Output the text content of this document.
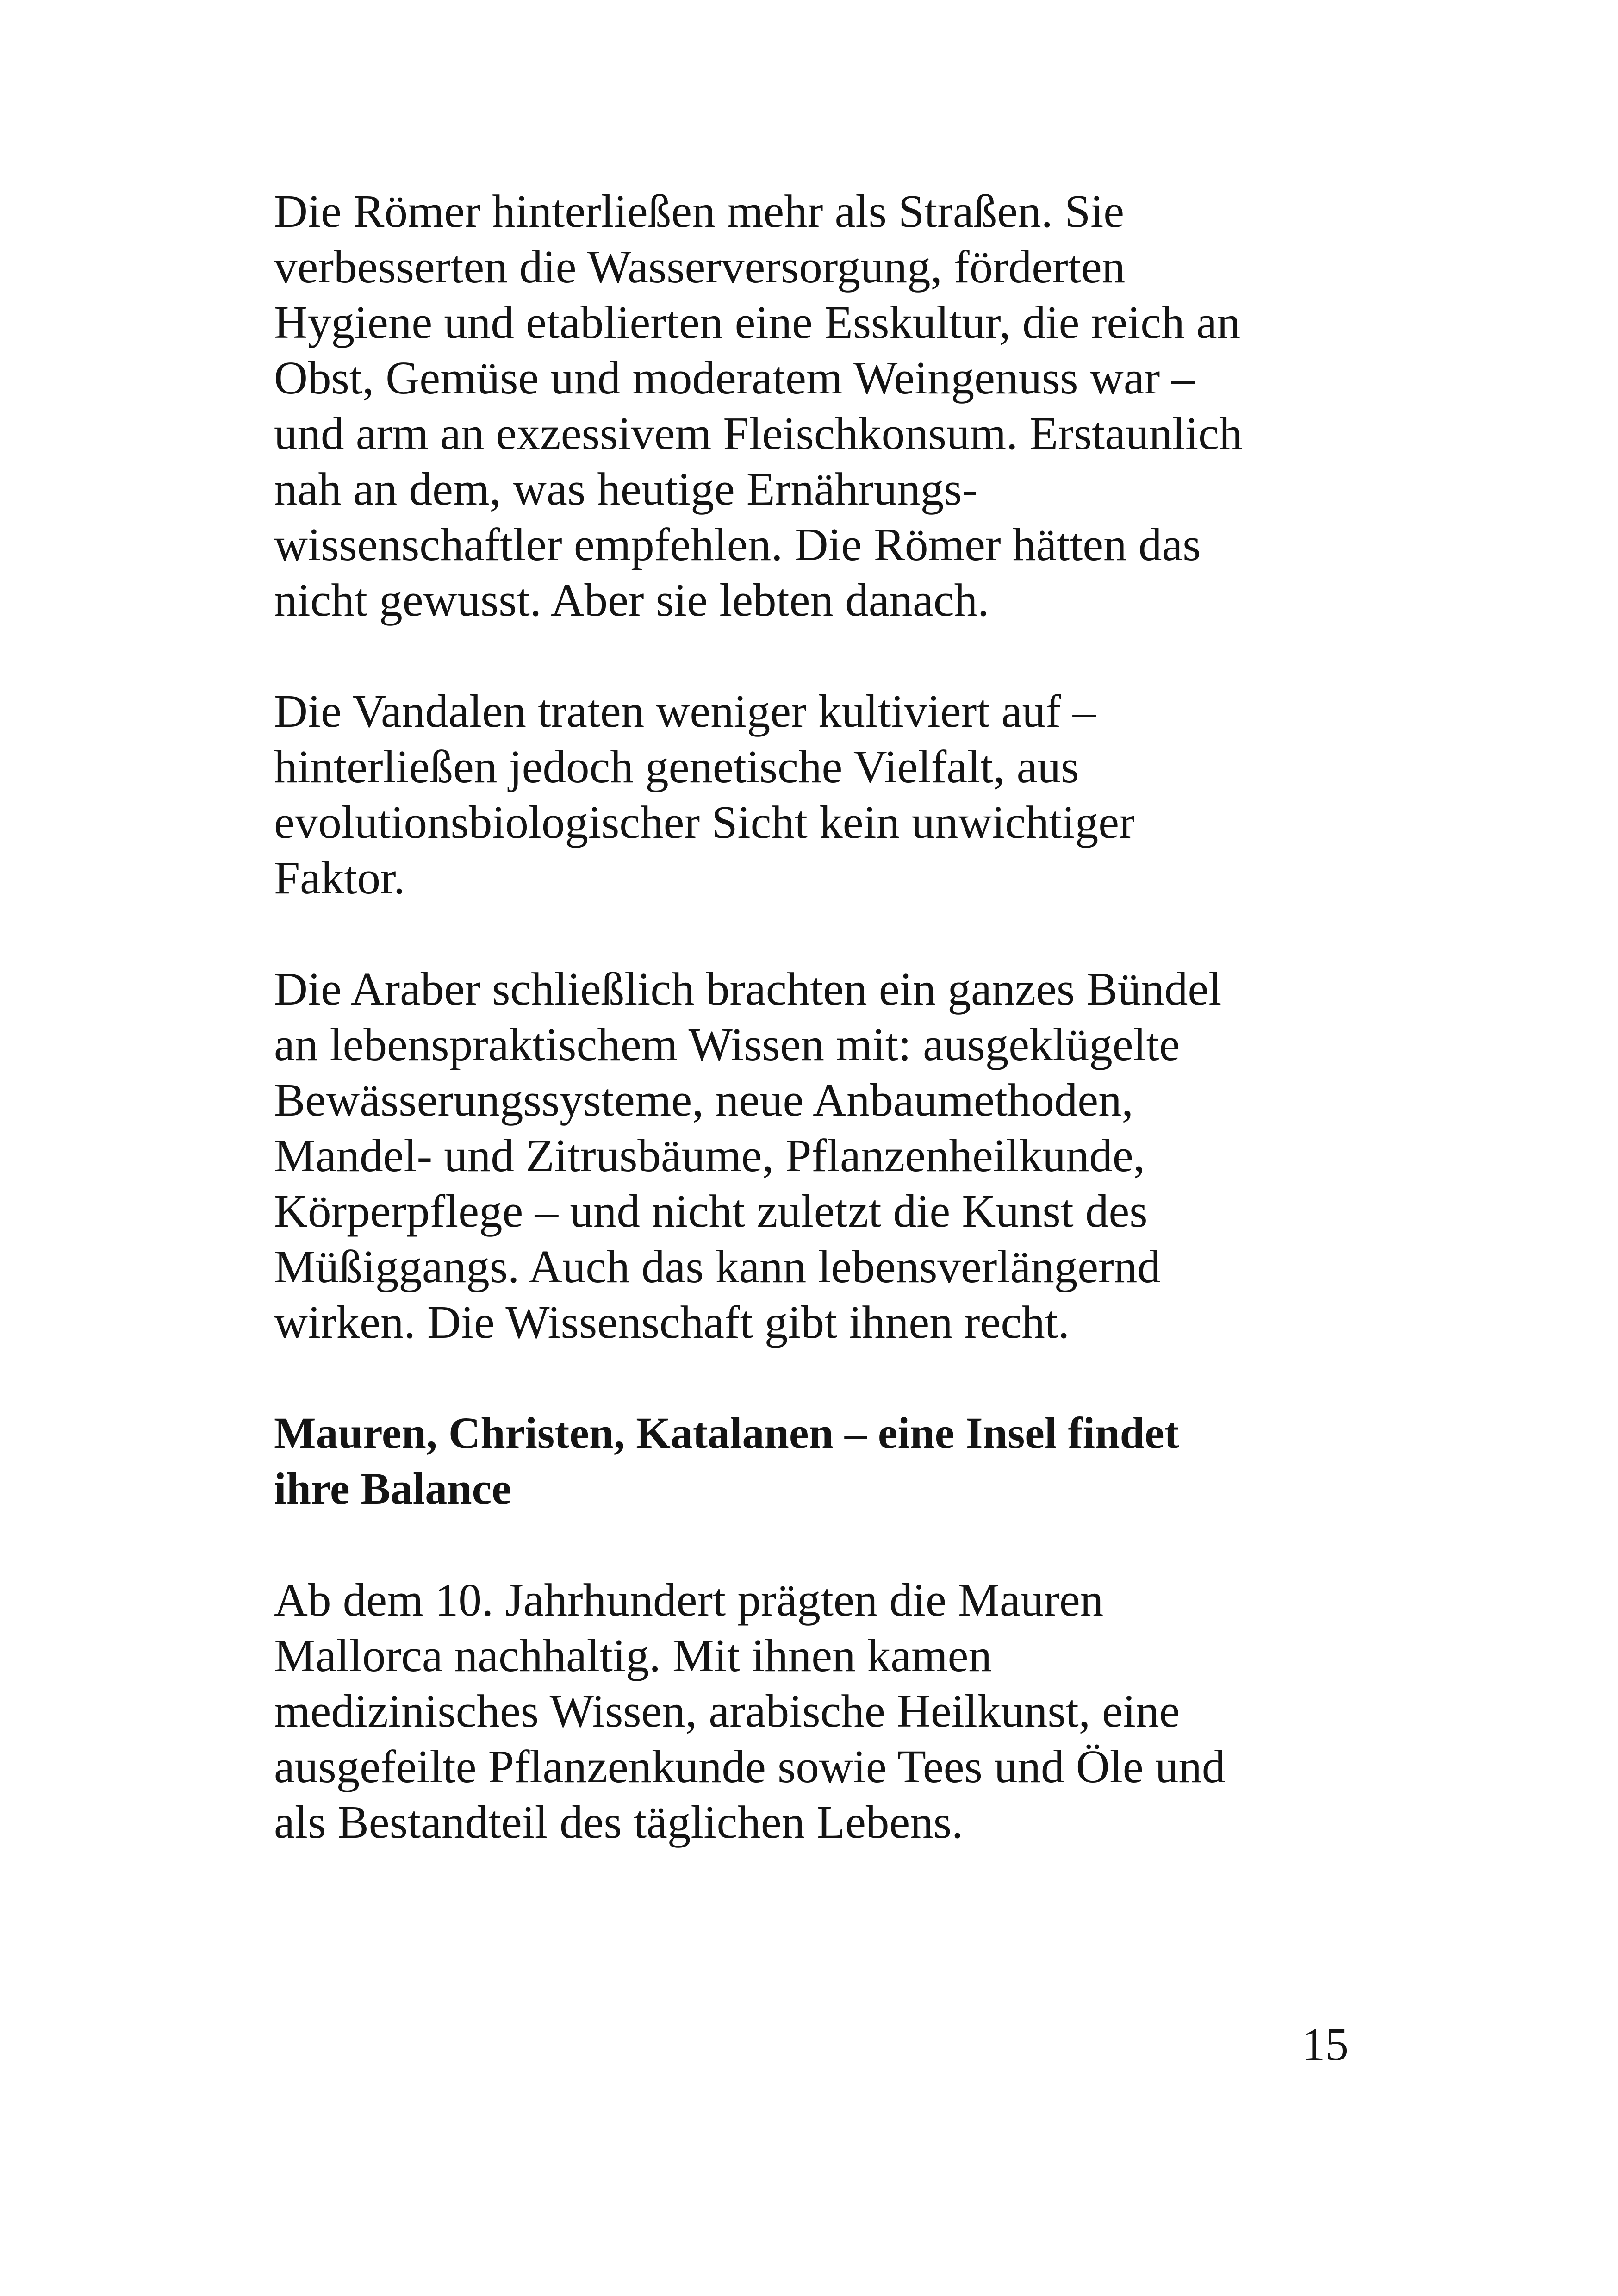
Die Römer hinterließen mehr als Straßen. Sie
verbesserten die Wasserversorgung, förderten
Hygiene und etablierten eine Esskultur, die reich an
Obst, Gemüse und moderatem Weingenuss war –
und arm an exzessivem Fleischkonsum. Erstaunlich
nah an dem, was heutige Ernährungs-
wissenschaftler empfehlen. Die Römer hätten das
nicht gewusst. Aber sie lebten danach.

Die Vandalen traten weniger kultiviert auf –
hinterließen jedoch genetische Vielfalt, aus
evolutionsbiologischer Sicht kein unwichtiger
Faktor.

Die Araber schließlich brachten ein ganzes Bündel
an lebenspraktischem Wissen mit: ausgeklügelte
Bewässerungssysteme, neue Anbaumethoden,
Mandel- und Zitrusbäume, Pflanzenheilkunde,
Körperpflege – und nicht zuletzt die Kunst des
Müßiggangs. Auch das kann lebensverlängernd
wirken. Die Wissenschaft gibt ihnen recht.

Mauren, Christen, Katalanen – eine Insel findet
ihre Balance

Ab dem 10. Jahrhundert prägten die Mauren
Mallorca nachhaltig. Mit ihnen kamen
medizinisches Wissen, arabische Heilkunst, eine
ausgefeilte Pflanzenkunde sowie Tees und Öle und
als Bestandteil des täglichen Lebens.

15
